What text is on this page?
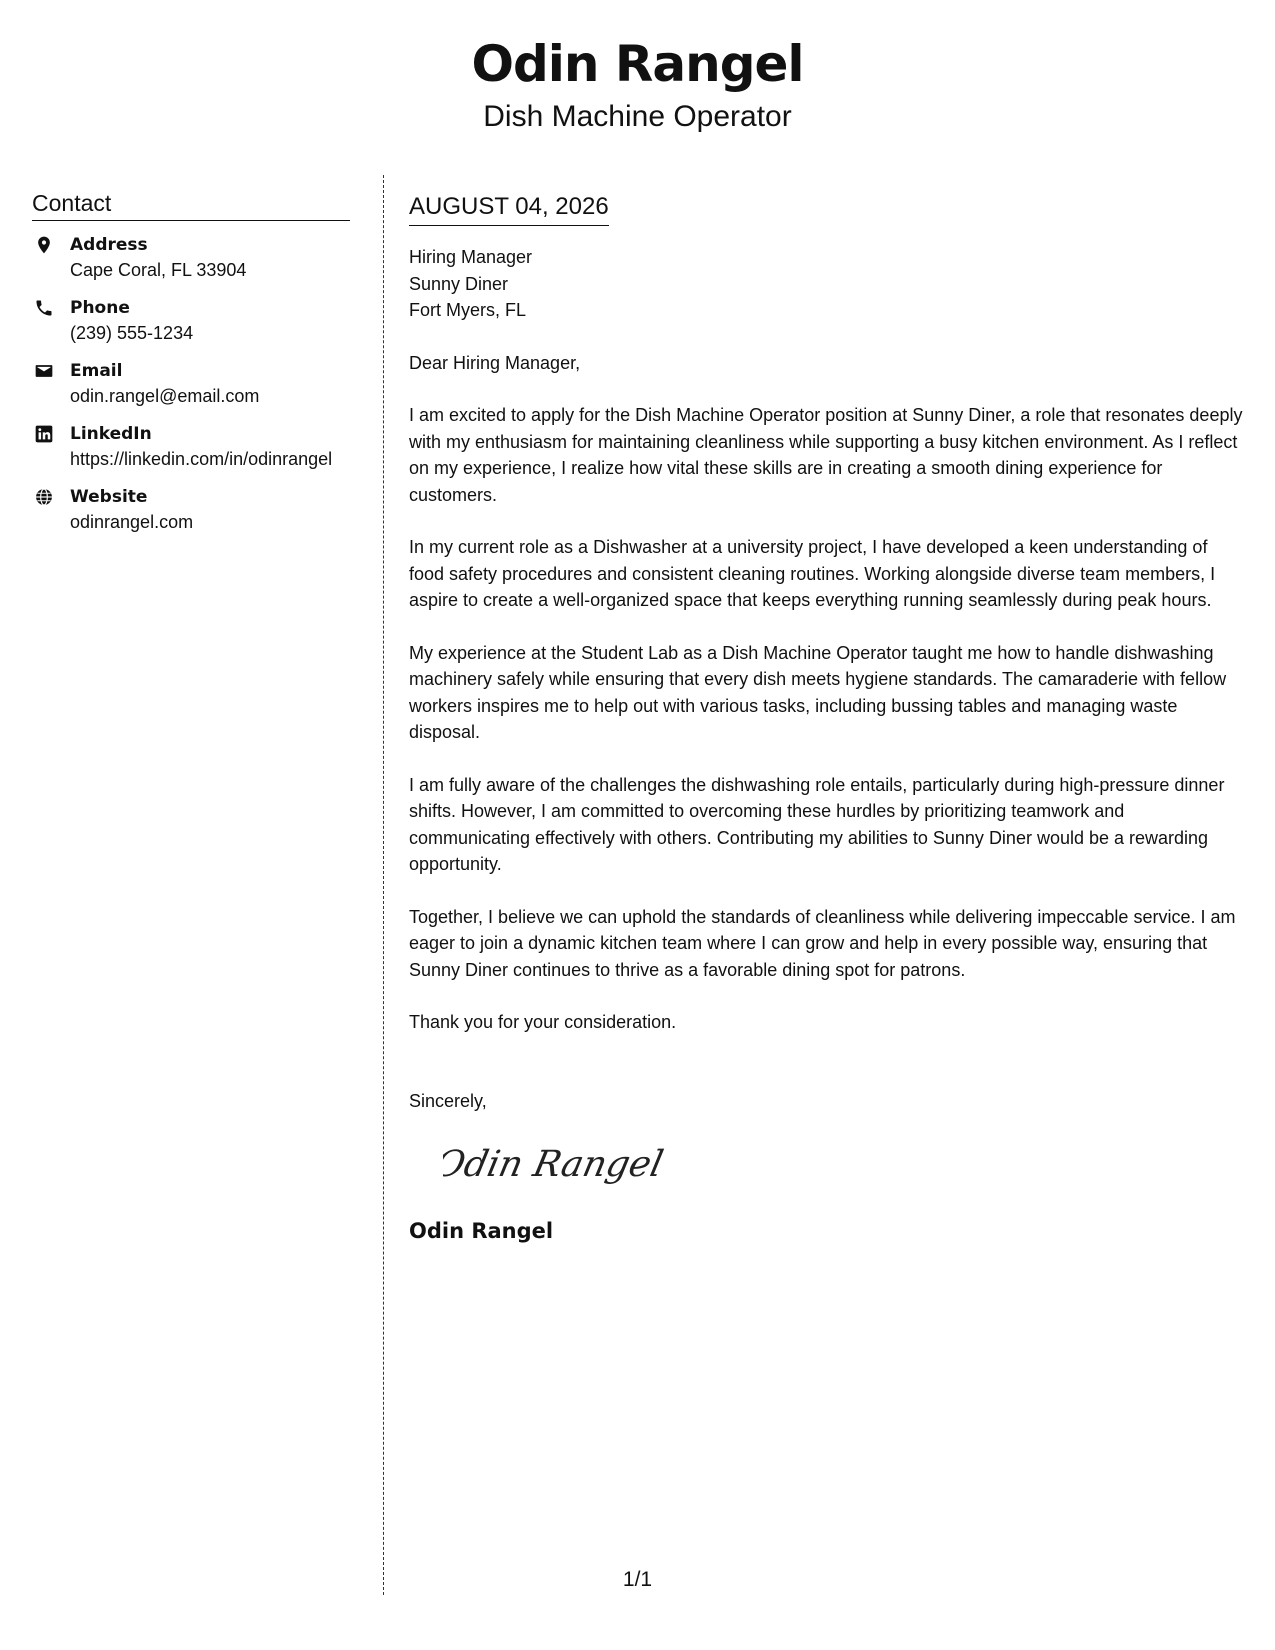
Odin Rangel
Dish Machine Operator
Contact
Address
Cape Coral, FL 33904
Phone
(239) 555-1234
Email
odin.rangel@email.com
LinkedIn
https://linkedin.com/in/odinrangel
Website
odinrangel.com
AUGUST 04, 2026
Hiring Manager
Sunny Diner
Fort Myers, FL
Dear Hiring Manager,

I am excited to apply for the Dish Machine Operator position at Sunny Diner, a role that resonates deeply with my enthusiasm for maintaining cleanliness while supporting a busy kitchen environment. As I reflect on my experience, I realize how vital these skills are in creating a smooth dining experience for customers.

In my current role as a Dishwasher at a university project, I have developed a keen understanding of food safety procedures and consistent cleaning routines. Working alongside diverse team members, I aspire to create a well-organized space that keeps everything running seamlessly during peak hours.

My experience at the Student Lab as a Dish Machine Operator taught me how to handle dishwashing machinery safely while ensuring that every dish meets hygiene standards. The camaraderie with fellow workers inspires me to help out with various tasks, including bussing tables and managing waste disposal.

I am fully aware of the challenges the dishwashing role entails, particularly during high-pressure dinner shifts. However, I am committed to overcoming these hurdles by prioritizing teamwork and communicating effectively with others. Contributing my abilities to Sunny Diner would be a rewarding opportunity.

Together, I believe we can uphold the standards of cleanliness while delivering impeccable service. I am eager to join a dynamic kitchen team where I can grow and help in every possible way, ensuring that Sunny Diner continues to thrive as a favorable dining spot for patrons.

Thank you for your consideration.
Sincerely,
Odin Rangel
Odin Rangel
1/1
